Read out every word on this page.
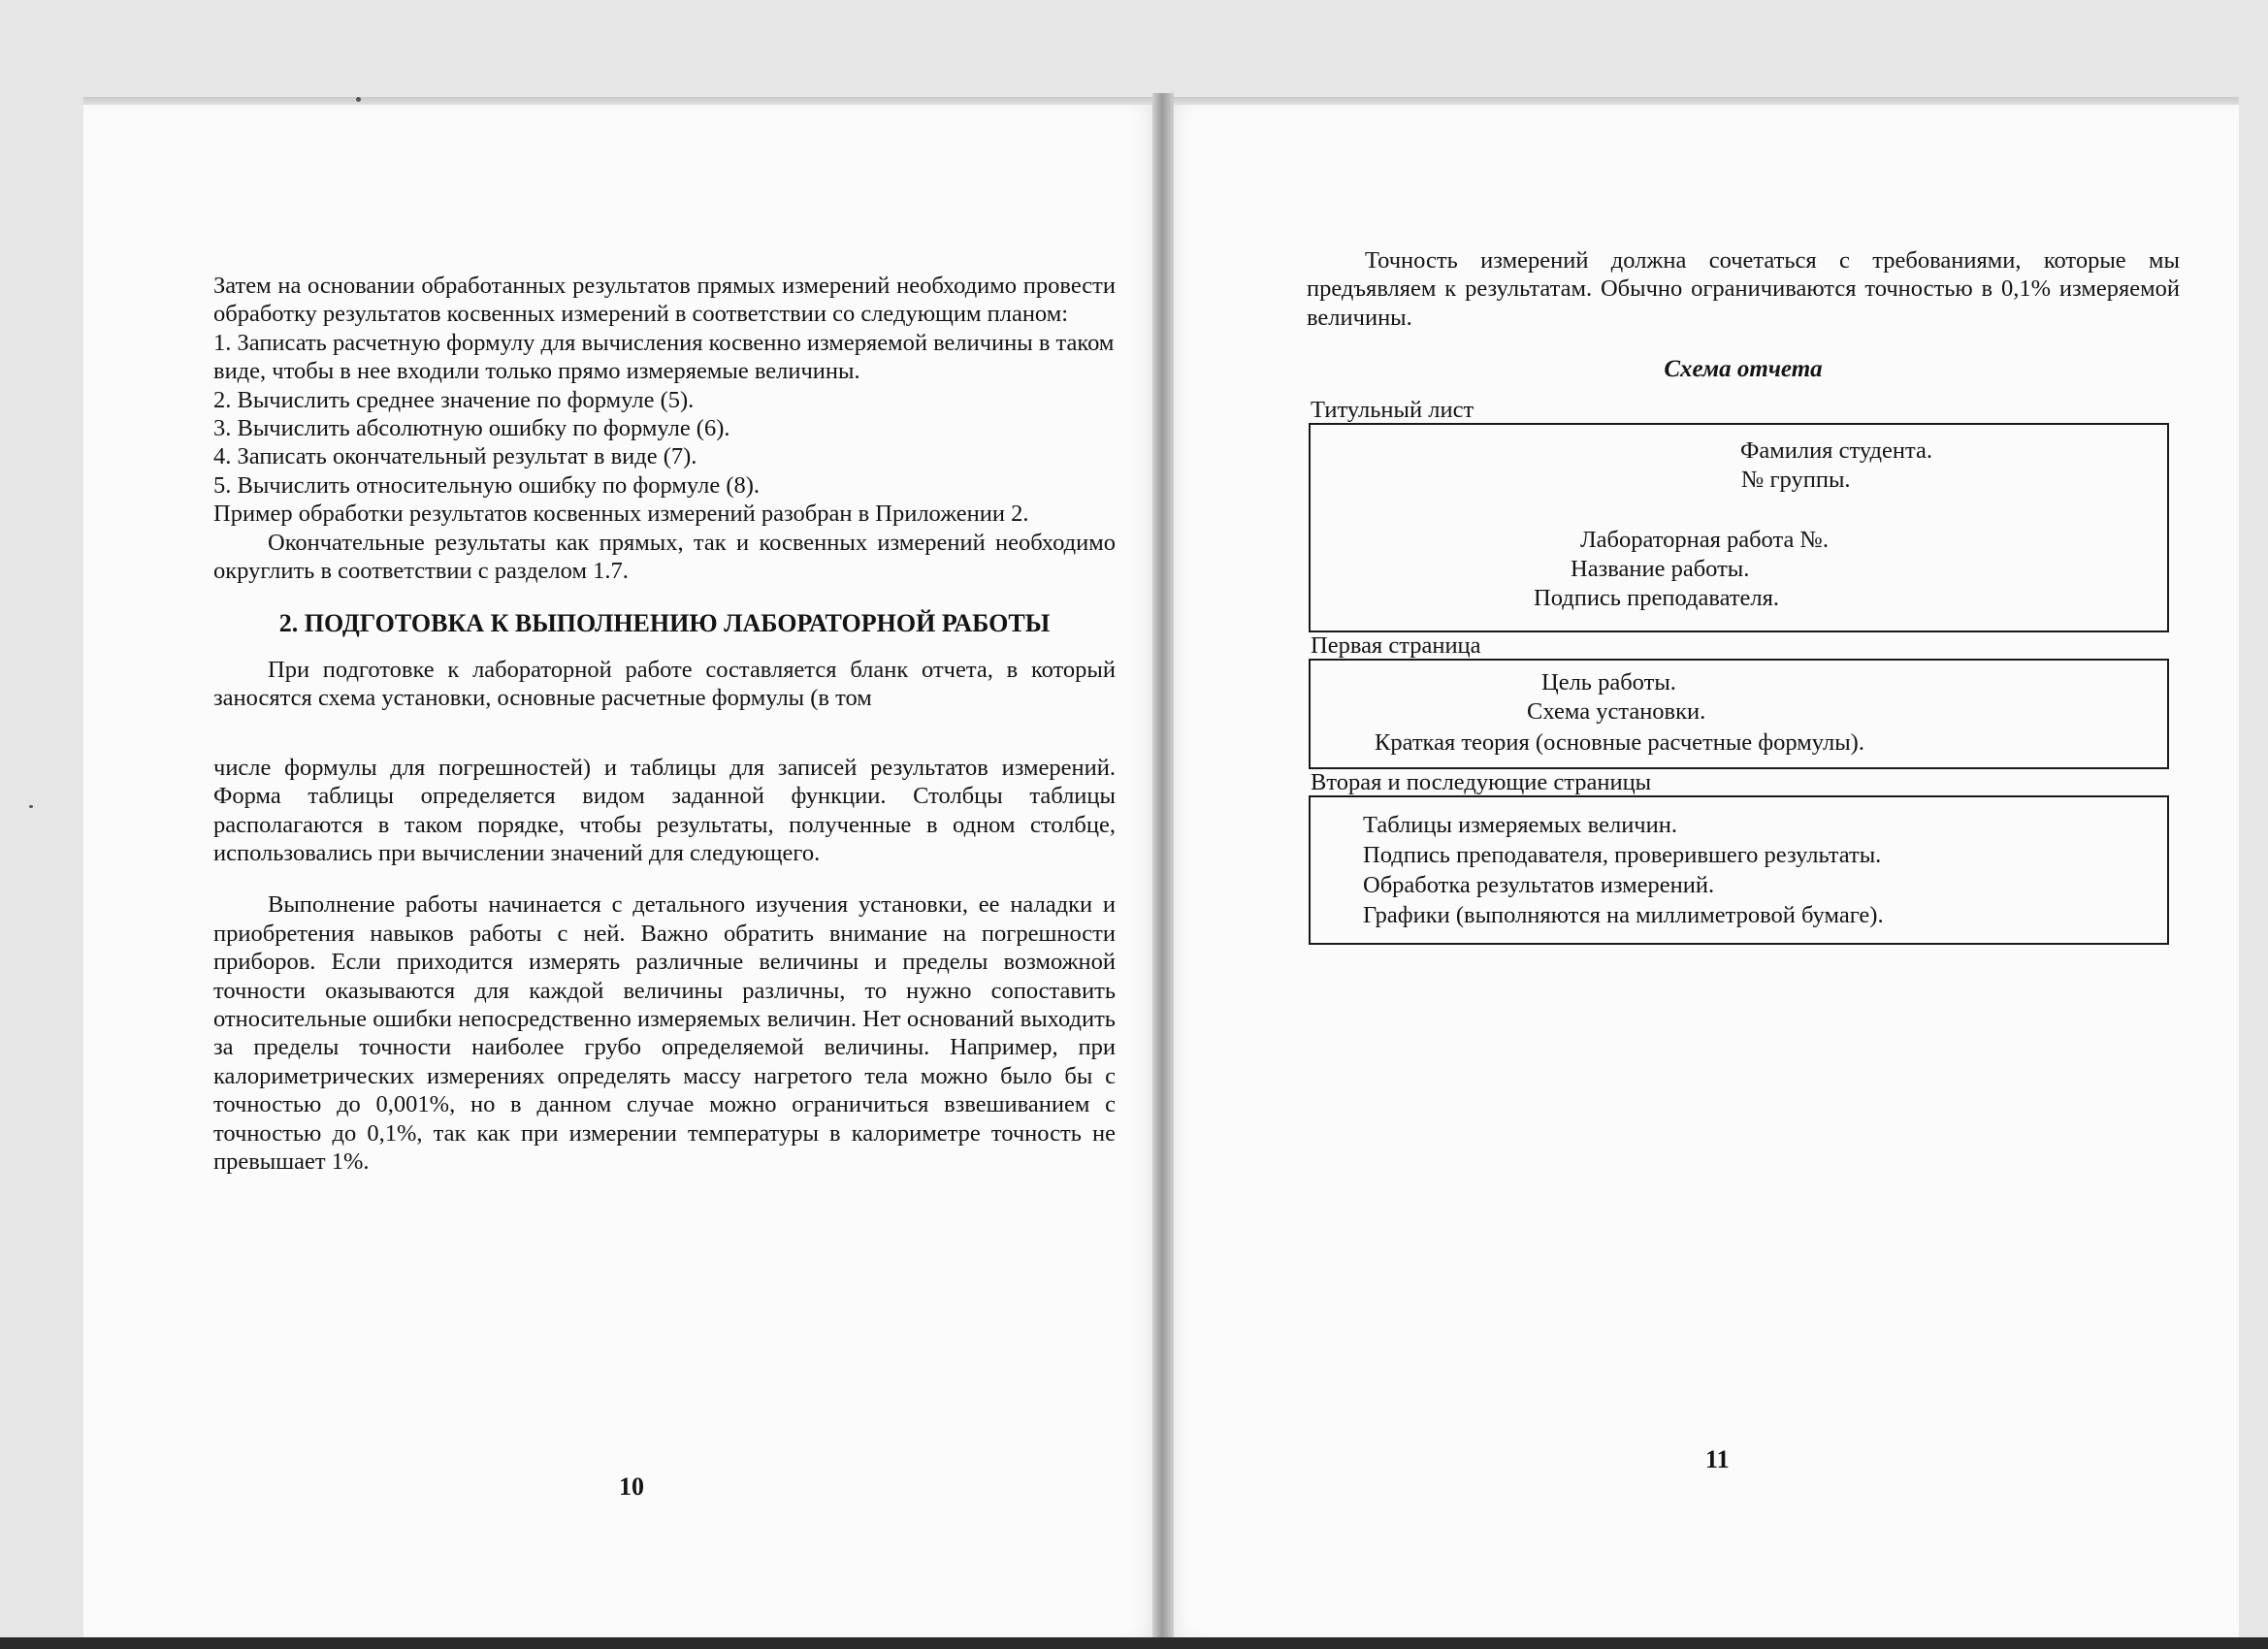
Затем на основании обработанных результатов прямых измерений необходимо провести обработку результатов косвенных измерений в соответствии со следующим планом:

1. Записать расчетную формулу для вычисления косвенно измеряемой величины в таком виде, чтобы в нее входили только прямо измеряемые величины.

2. Вычислить среднее значение по формуле (5).

3. Вычислить абсолютную ошибку по формуле (6).

4. Записать окончательный результат в виде (7).

5. Вычислить относительную ошибку по формуле (8).

Пример обработки результатов косвенных измерений разобран в Приложении 2.

Окончательные результаты как прямых, так и косвенных измерений необходимо округлить в соответствии с разделом 1.7.

2. ПОДГОТОВКА К ВЫПОЛНЕНИЮ ЛАБОРАТОРНОЙ РАБОТЫ

При подготовке к лабораторной работе составляется бланк отчета, в который заносятся схема установки, основные расчетные формулы (в том

числе формулы для погрешностей) и таблицы для записей результатов измерений. Форма таблицы определяется видом заданной функции. Столбцы таблицы располагаются в таком порядке, чтобы результаты, полученные в одном столбце, использовались при вычислении значений для следующего.

Выполнение работы начинается с детального изучения установки, ее наладки и приобретения навыков работы с ней. Важно обратить внимание на погрешности приборов. Если приходится измерять различные величины и пределы возможной точности оказываются для каждой величины различны, то нужно сопоставить относительные ошибки непосредственно измеряемых величин. Нет оснований выходить за пределы точности наиболее грубо определяемой величины. Например, при калориметрических измерениях определять массу нагретого тела можно было бы с точностью до 0,001%, но в данном случае можно ограничиться взвешиванием с точностью до 0,1%, так как при измерении температуры в калориметре точность не превышает 1%.

10

Точность измерений должна сочетаться с требованиями, которые мы предъявляем к результатам. Обычно ограничиваются точностью в 0,1% измеряемой величины.

Схема отчета

Титульный лист

Фамилия студента.
№ группы.
Лабораторная работа №.
Название работы.
Подпись преподавателя.

Первая страница

Цель работы.
Схема установки.
Краткая теория (основные расчетные формулы).

Вторая и последующие страницы

Таблицы измеряемых величин.
Подпись преподавателя, проверившего результаты.
Обработка результатов измерений.
Графики (выполняются на миллиметровой бумаге).
11
